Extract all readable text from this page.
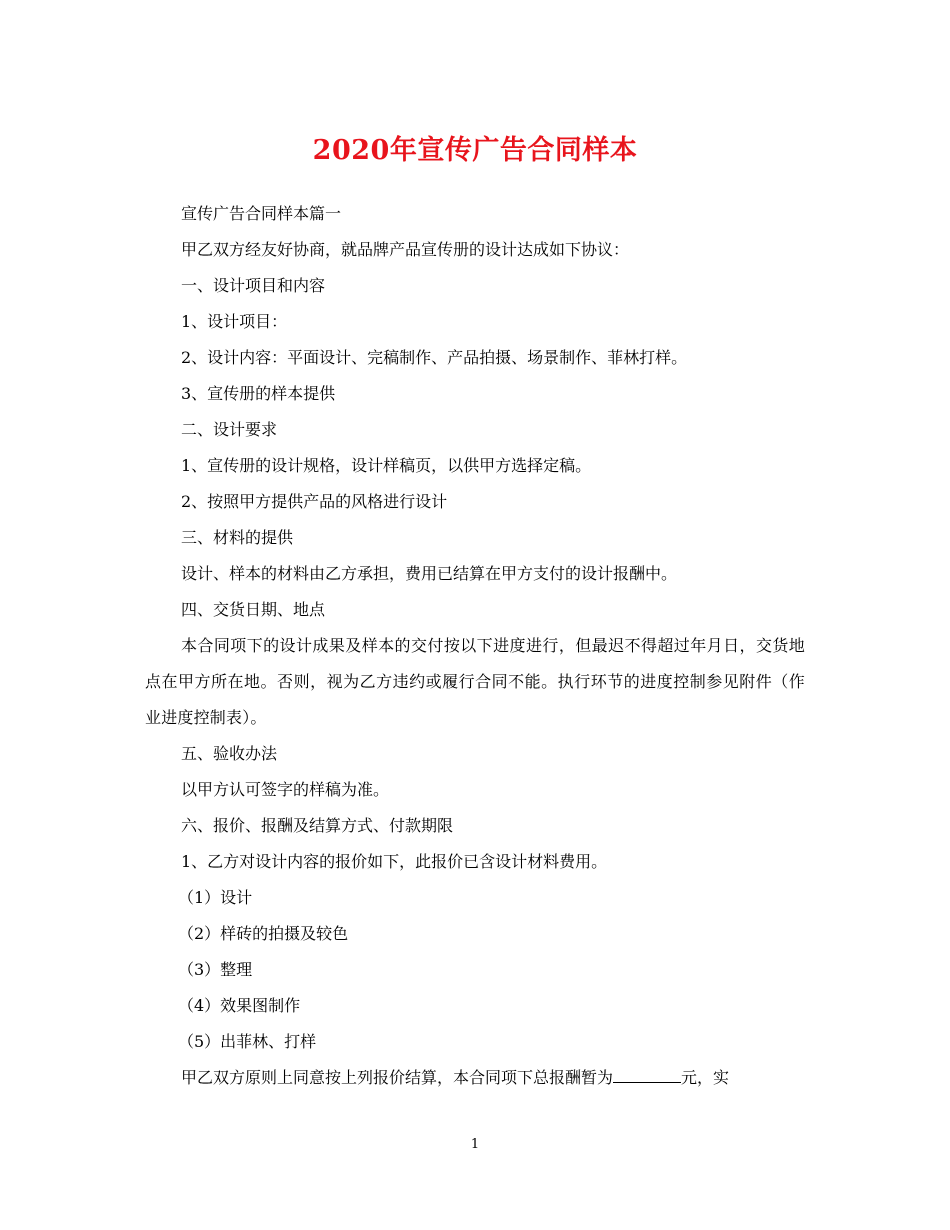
2020年宣传广告合同样本

宣传广告合同样本篇一

甲乙双方经友好协商，就品牌产品宣传册的设计达成如下协议：

一、设计项目和内容

1、设计项目：

2、设计内容：平面设计、完稿制作、产品拍摄、场景制作、菲林打样。

3、宣传册的样本提供

二、设计要求

1、宣传册的设计规格，设计样稿页，以供甲方选择定稿。

2、按照甲方提供产品的风格进行设计

三、材料的提供

设计、样本的材料由乙方承担，费用已结算在甲方支付的设计报酬中。

四、交货日期、地点

本合同项下的设计成果及样本的交付按以下进度进行，但最迟不得超过年月日，交货地点在甲方所在地。否则，视为乙方违约或履行合同不能。执行环节的进度控制参见附件（作业进度控制表）。

五、验收办法

以甲方认可签字的样稿为准。

六、报价、报酬及结算方式、付款期限

1、乙方对设计内容的报价如下，此报价已含设计材料费用。

（1）设计

（2）样砖的拍摄及较色

（3）整理

（4）效果图制作

（5）出菲林、打样

甲乙双方原则上同意按上列报价结算，本合同项下总报酬暂为	元，实

1
